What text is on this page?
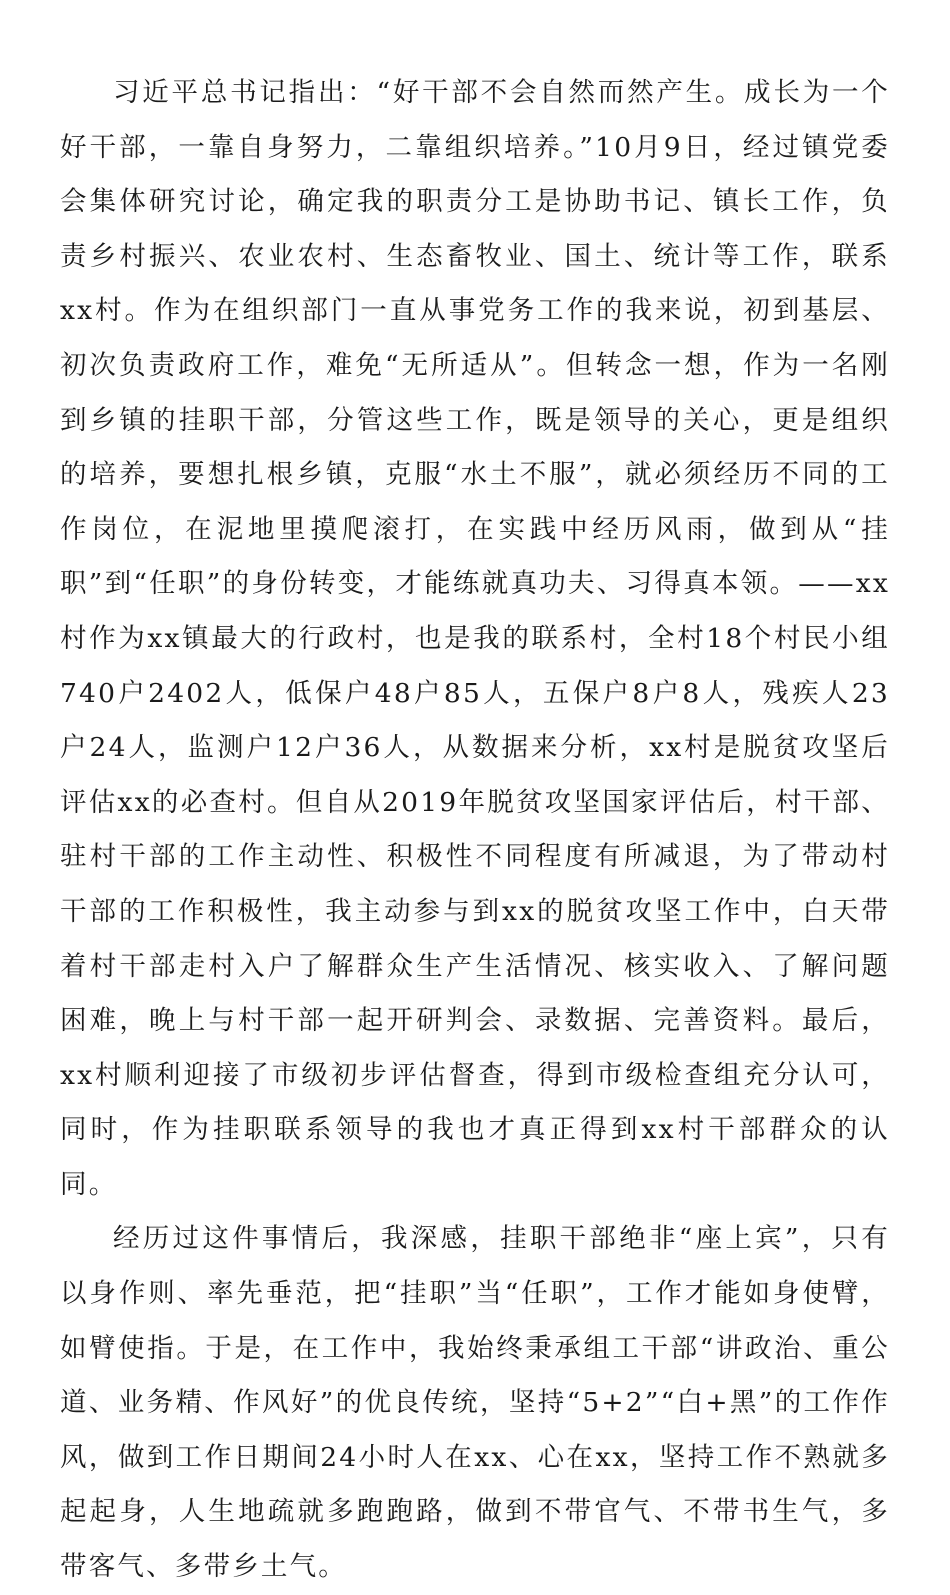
习近平总书记指出：“好干部不会自然而然产生。成长为一个好干部，一靠自身努力，二靠组织培养。”10月9日，经过镇党委会集体研究讨论，确定我的职责分工是协助书记、镇长工作，负责乡村振兴、农业农村、生态畜牧业、国土、统计等工作，联系xx村。作为在组织部门一直从事党务工作的我来说，初到基层、初次负责政府工作，难免“无所适从”。但转念一想，作为一名刚到乡镇的挂职干部，分管这些工作，既是领导的关心，更是组织的培养，要想扎根乡镇，克服“水土不服”，就必须经历不同的工作岗位，在泥地里摸爬滚打，在实践中经历风雨，做到从“挂职”到“任职”的身份转变，才能练就真功夫、习得真本领。——xx村作为xx镇最大的行政村，也是我的联系村，全村18个村民小组740户2402人，低保户48户85人，五保户8户8人，残疾人23户24人，监测户12户36人，从数据来分析，xx村是脱贫攻坚后评估xx的必查村。但自从2019年脱贫攻坚国家评估后，村干部、驻村干部的工作主动性、积极性不同程度有所减退，为了带动村干部的工作积极性，我主动参与到xx的脱贫攻坚工作中，白天带着村干部走村入户了解群众生产生活情况、核实收入、了解问题困难，晚上与村干部一起开研判会、录数据、完善资料。最后，xx村顺利迎接了市级初步评估督查，得到市级检查组充分认可，同时，作为挂职联系领导的我也才真正得到xx村干部群众的认同。

经历过这件事情后，我深感，挂职干部绝非“座上宾”，只有以身作则、率先垂范，把“挂职”当“任职”，工作才能如身使臂，如臂使指。于是，在工作中，我始终秉承组工干部“讲政治、重公道、业务精、作风好”的优良传统，坚持“5+2”“白+黑”的工作作风，做到工作日期间24小时人在xx、心在xx，坚持工作不熟就多起起身，人生地疏就多跑跑路，做到不带官气、不带书生气，多带客气、多带乡土气。
